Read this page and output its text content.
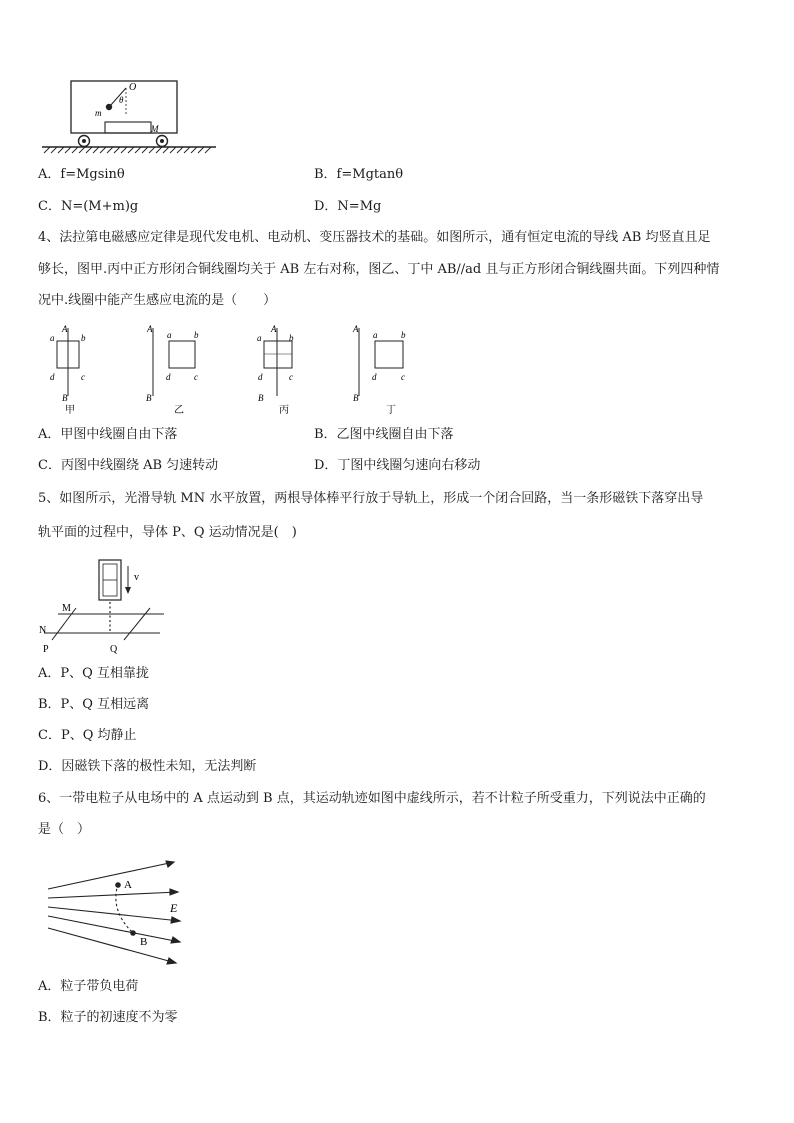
O
θ
m
M
A．f=Mgsinθ	B．f=Mgtanθ
C．N=(M+m)g	D．N=Mg
4、法拉第电磁感应定律是现代发电机、电动机、变压器技术的基础。如图所示，通有恒定电流的导线 AB 均竖直且足
够长，图甲.丙中正方形闭合铜线圈均关于 AB 左右对称，图乙、丁中 AB//ad 且与正方形闭合铜线圈共面。下列四种情
况中.线圈中能产生感应电流的是（　　）
A
B
a	b
c
d
甲
A
B
a	b
c
d
乙
A
B
a	b
c
d
丙
A
B
a	b
c
d
丁
A．甲图中线圈自由下落	B．乙图中线圈自由下落
C．丙图中线圈绕 AB 匀速转动	D．丁图中线圈匀速向右移动
5、如图所示，光滑导轨 MN 水平放置，两根导体棒平行放于导轨上，形成一个闭合回路，当一条形磁铁下落穿出导
轨平面的过程中，导体 P、Q 运动情况是(　)
v
M
N
P	Q
A．P、Q 互相靠拢
B．P、Q 互相远离
C．P、Q 均静止
D．因磁铁下落的极性未知，无法判断
6、一带电粒子从电场中的 A 点运动到 B 点，其运动轨迹如图中虚线所示，若不计粒子所受重力，下列说法中正确的
是（　）
A
B
E
A．粒子带负电荷
B．粒子的初速度不为零
